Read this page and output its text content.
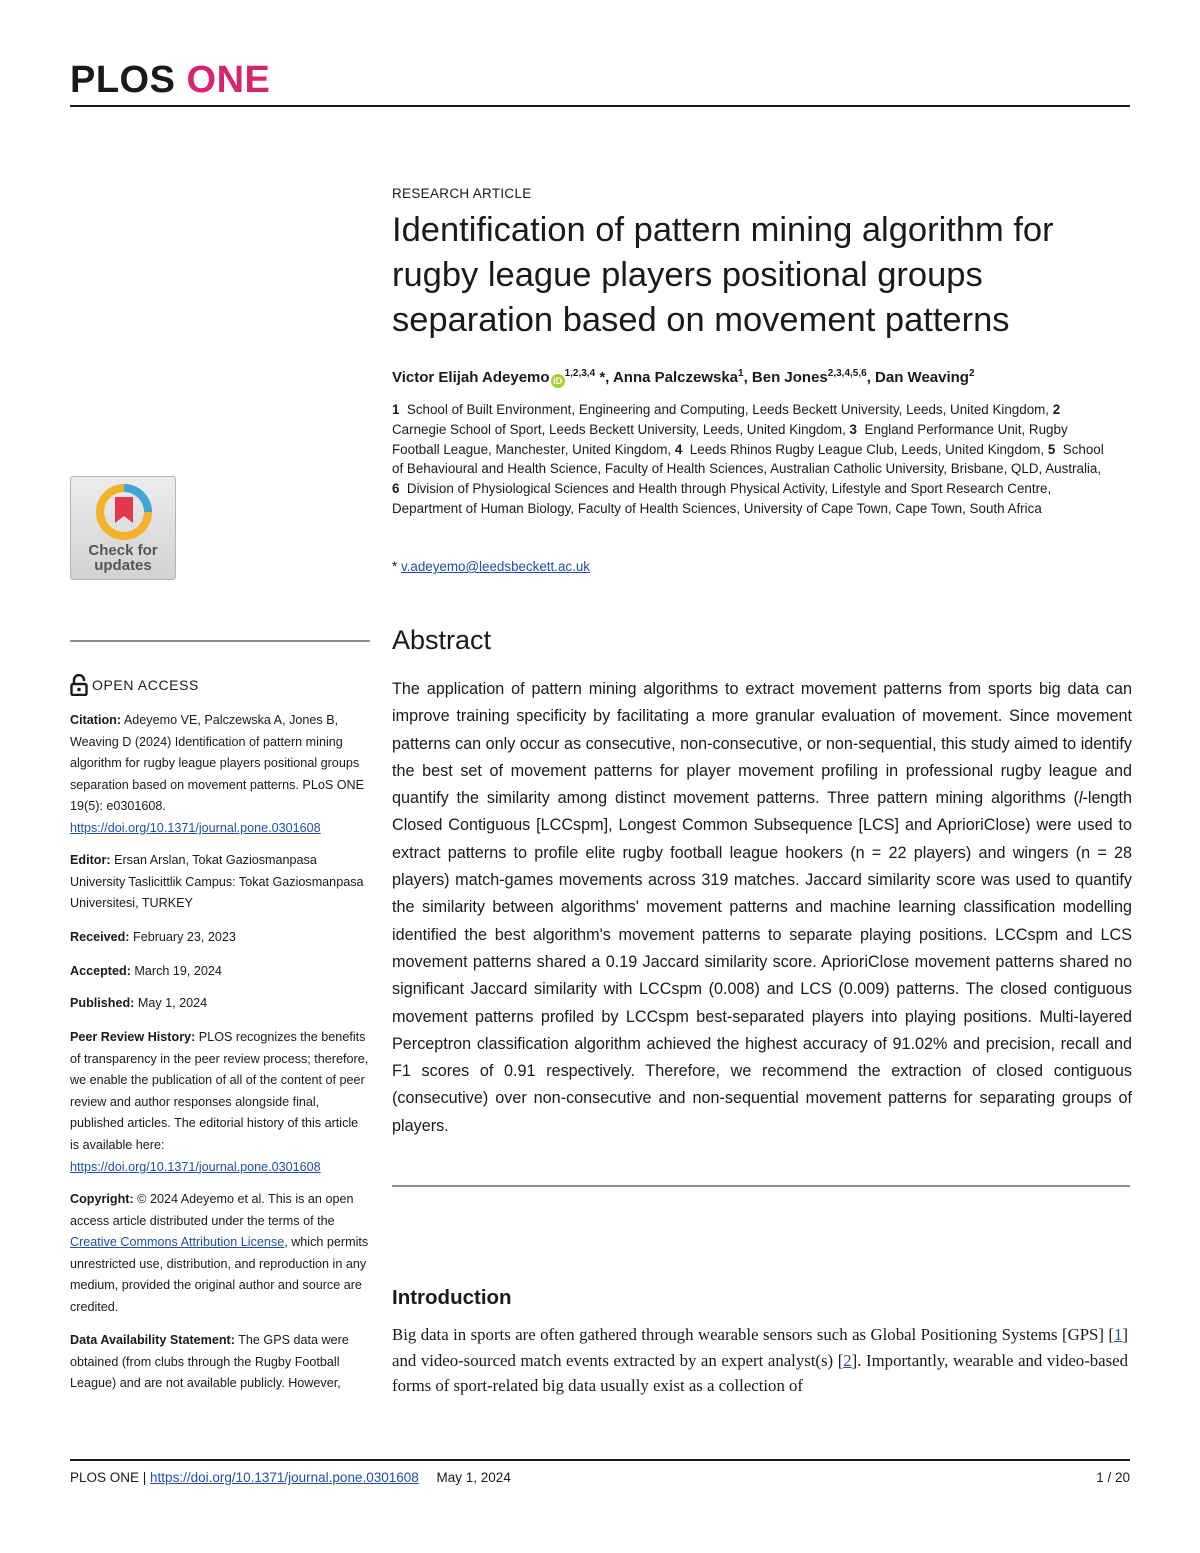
PLOS ONE
Check for
updates
OPEN ACCESS
Citation: Adeyemo VE, Palczewska A, Jones B, Weaving D (2024) Identification of pattern mining algorithm for rugby league players positional groups separation based on movement patterns. PLoS ONE 19(5): e0301608. https://doi.org/10.1371/journal.pone.0301608
Editor: Ersan Arslan, Tokat Gaziosmanpasa University Taslicittlik Campus: Tokat Gaziosmanpasa Universitesi, TURKEY
Received: February 23, 2023
Accepted: March 19, 2024
Published: May 1, 2024
Peer Review History: PLOS recognizes the benefits of transparency in the peer review process; therefore, we enable the publication of all of the content of peer review and author responses alongside final, published articles. The editorial history of this article is available here: https://doi.org/10.1371/journal.pone.0301608
Copyright: © 2024 Adeyemo et al. This is an open access article distributed under the terms of the Creative Commons Attribution License, which permits unrestricted use, distribution, and reproduction in any medium, provided the original author and source are credited.
Data Availability Statement: The GPS data were obtained (from clubs through the Rugby Football League) and are not available publicly. However,
RESEARCH ARTICLE
Identification of pattern mining algorithm for rugby league players positional groups separation based on movement patterns
Victor Elijah Adeyemo iD$^{1,2,3,4}$ *, Anna Palczewska$^1$, Ben Jones$^{2,3,4,5,6}$, Dan Weaving$^2$
1 School of Built Environment, Engineering and Computing, Leeds Beckett University, Leeds, United Kingdom, 2  Carnegie School of Sport, Leeds Beckett University, Leeds, United Kingdom, 3 England Performance Unit, Rugby Football League, Manchester, United Kingdom, 4 Leeds Rhinos Rugby League Club, Leeds, United Kingdom, 5 School of Behavioural and Health Science, Faculty of Health Sciences, Australian Catholic University, Brisbane, QLD, Australia, 6 Division of Physiological Sciences and Health through Physical Activity, Lifestyle and Sport Research Centre, Department of Human Biology, Faculty of Health Sciences, University of Cape Town, Cape Town, South Africa
* v.adeyemo@leedsbeckett.ac.uk
Abstract

The application of pattern mining algorithms to extract movement patterns from sports big data can improve training specificity by facilitating a more granular evaluation of movement. Since movement patterns can only occur as consecutive, non-consecutive, or non-sequential, this study aimed to identify the best set of movement patterns for player movement profiling in professional rugby league and quantify the similarity among distinct movement patterns. Three pattern mining algorithms (l-length Closed Contiguous [LCCspm], Longest Common Subsequence [LCS] and AprioriClose) were used to extract patterns to profile elite rugby football league hookers (n = 22 players) and wingers (n = 28 players) match-games movements across 319 matches. Jaccard similarity score was used to quantify the similarity between algorithms' movement patterns and machine learning classification modelling identified the best algorithm's movement patterns to separate playing positions. LCCspm and LCS movement patterns shared a 0.19 Jaccard similarity score. AprioriClose movement patterns shared no significant Jaccard similarity with LCCspm (0.008) and LCS (0.009) patterns. The closed contiguous movement patterns profiled by LCCspm best-separated players into playing positions. Multi-layered Perceptron classification algorithm achieved the highest accuracy of 91.02% and precision, recall and F1 scores of 0.91 respectively. Therefore, we recommend the extraction of closed contiguous (consecutive) over non-consecutive and non-sequential movement patterns for separating groups of players.

Introduction

Big data in sports are often gathered through wearable sensors such as Global Positioning Systems [GPS] [1] and video-sourced match events extracted by an expert analyst(s) [2]. Importantly, wearable and video-based forms of sport-related big data usually exist as a collection of

PLOS ONE | https://doi.org/10.1371/journal.pone.0301608 May 1, 2024	1 / 20
